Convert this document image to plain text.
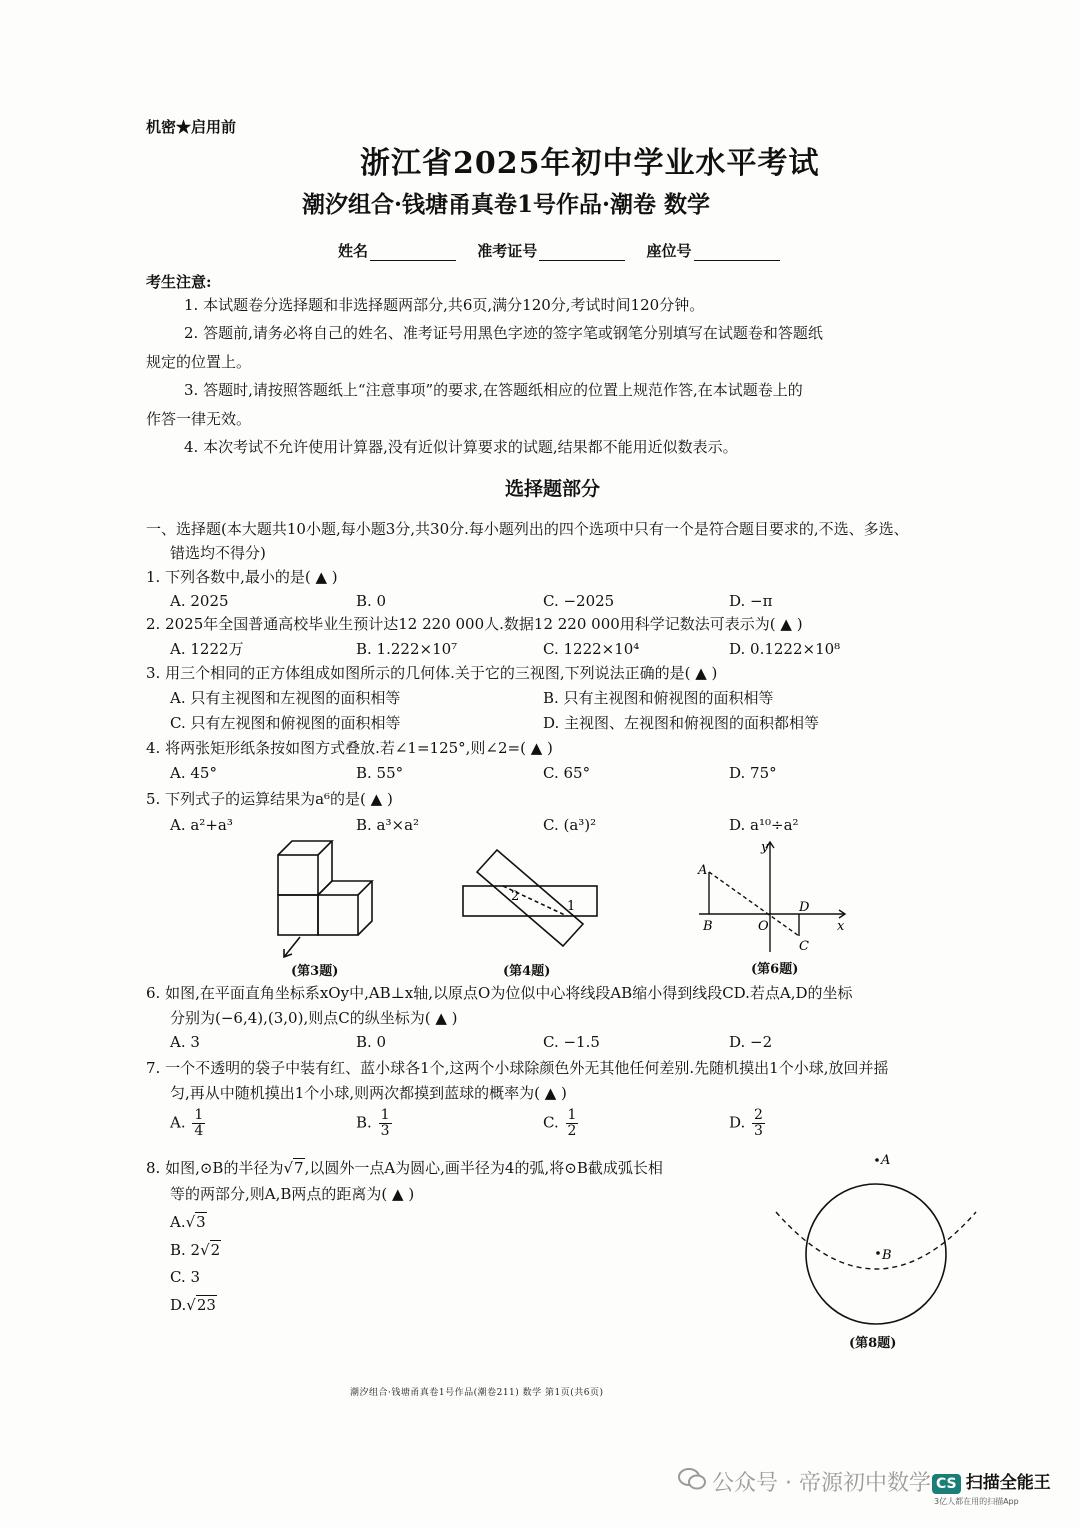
机密★启用前
浙江省2025年初中学业水平考试
潮汐组合·钱塘甬真卷1号作品·潮卷 数学
姓名	准考证号	座位号
考生注意:
1. 本试题卷分选择题和非选择题两部分,共6页,满分120分,考试时间120分钟。
2. 答题前,请务必将自己的姓名、准考证号用黑色字迹的签字笔或钢笔分别填写在试题卷和答题纸
规定的位置上。
3. 答题时,请按照答题纸上“注意事项”的要求,在答题纸相应的位置上规范作答,在本试题卷上的
作答一律无效。
4. 本次考试不允许使用计算器,没有近似计算要求的试题,结果都不能用近似数表示。
选择题部分
一、选择题(本大题共10小题,每小题3分,共30分.每小题列出的四个选项中只有一个是符合题目要求的,不选、多选、
错选均不得分)
1. 下列各数中,最小的是( ▲ )
A. 2025	B. 0	C. −2025	D. −π
2. 2025年全国普通高校毕业生预计达12 220 000人.数据12 220 000用科学记数法可表示为( ▲ )
A. 1222万	B. 1.222×10⁷	C. 1222×10⁴	D. 0.1222×10⁸
3. 用三个相同的正方体组成如图所示的几何体.关于它的三视图,下列说法正确的是( ▲ )
A. 只有主视图和左视图的面积相等	B. 只有主视图和俯视图的面积相等
C. 只有左视图和俯视图的面积相等	D. 主视图、左视图和俯视图的面积都相等
4. 将两张矩形纸条按如图方式叠放.若∠1=125°,则∠2=( ▲ )
A. 45°	B. 55°	C. 65°	D. 75°
5. 下列式子的运算结果为a⁶的是( ▲ )
A. a²+a³	B. a³×a²	C. (a³)²	D. a¹⁰÷a²
(第3题)
2
1
(第4题)
y
x
A
B	O
D
C
(第6题)
6. 如图,在平面直角坐标系xOy中,AB⊥x轴,以原点O为位似中心将线段AB缩小得到线段CD.若点A,D的坐标
分别为(−6,4),(3,0),则点C的纵坐标为( ▲ )
A. 3	B. 0	C. −1.5	D. −2
7. 一个不透明的袋子中装有红、蓝小球各1个,这两个小球除颜色外无其他任何差别.先随机摸出1个小球,放回并摇
匀,再从中随机摸出1个小球,则两次都摸到蓝球的概率为( ▲ )
A. $\frac{1}{4}$	B. $\frac{1}{3}$	C. $\frac{1}{2}$	D. $\frac{2}{3}$
8. 如图,⊙B的半径为√7,以圆外一点A为圆心,画半径为4的弧,将⊙B截成弧长相
等的两部分,则A,B两点的距离为( ▲ )
A.√3
B. 2√2
C. 3
D.√23
A
B
(第8题)
潮汐组合·钱塘甬真卷1号作品(潮卷211) 数学 第1页(共6页)
公众号 · 帝源初中数学 CS 扫描全能王
3亿人都在用的扫描App
